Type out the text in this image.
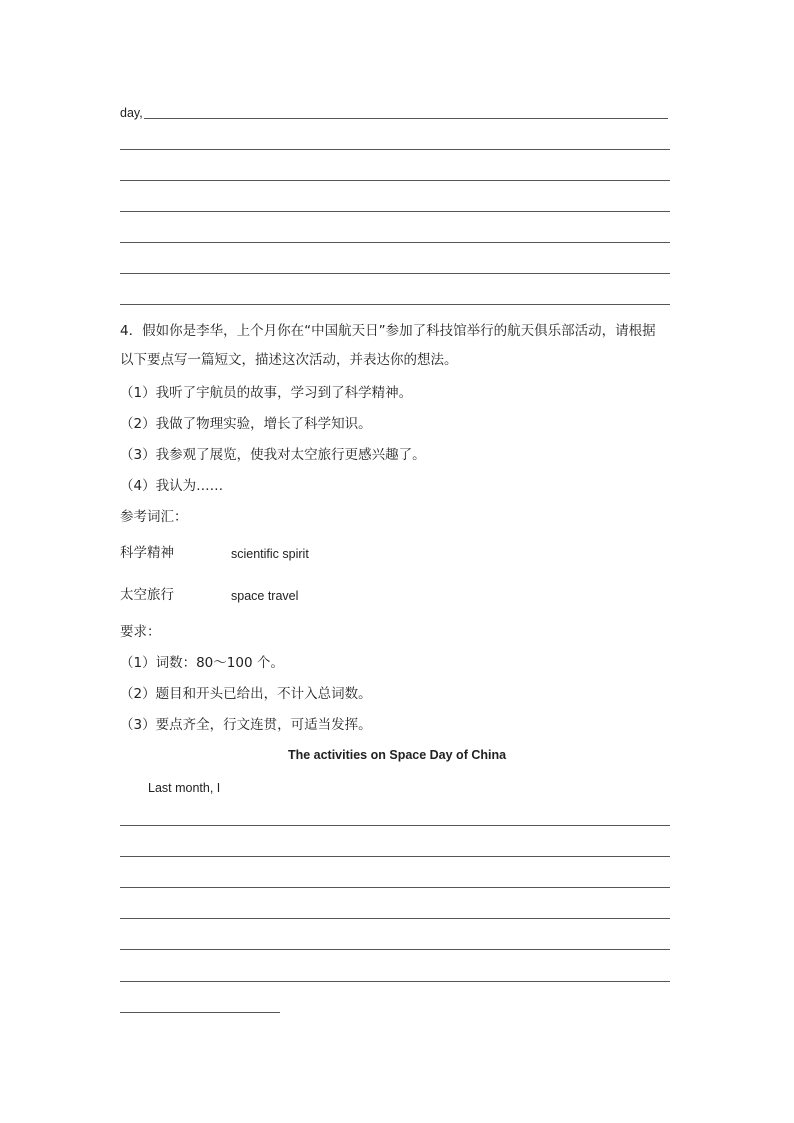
day,
4．假如你是李华，上个月你在“中国航天日”参加了科技馆举行的航天俱乐部活动，请根据
以下要点写一篇短文，描述这次活动，并表达你的想法。
（1）我听了宇航员的故事，学习到了科学精神。
（2）我做了物理实验，增长了科学知识。
（3）我参观了展览，使我对太空旅行更感兴趣了。
（4）我认为……
参考词汇：
科学精神	scientific spirit
太空旅行	space travel
要求：
（1）词数：80～100 个。
（2）题目和开头已给出，不计入总词数。
（3）要点齐全，行文连贯，可适当发挥。
The activities on Space Day of China
Last month, I
